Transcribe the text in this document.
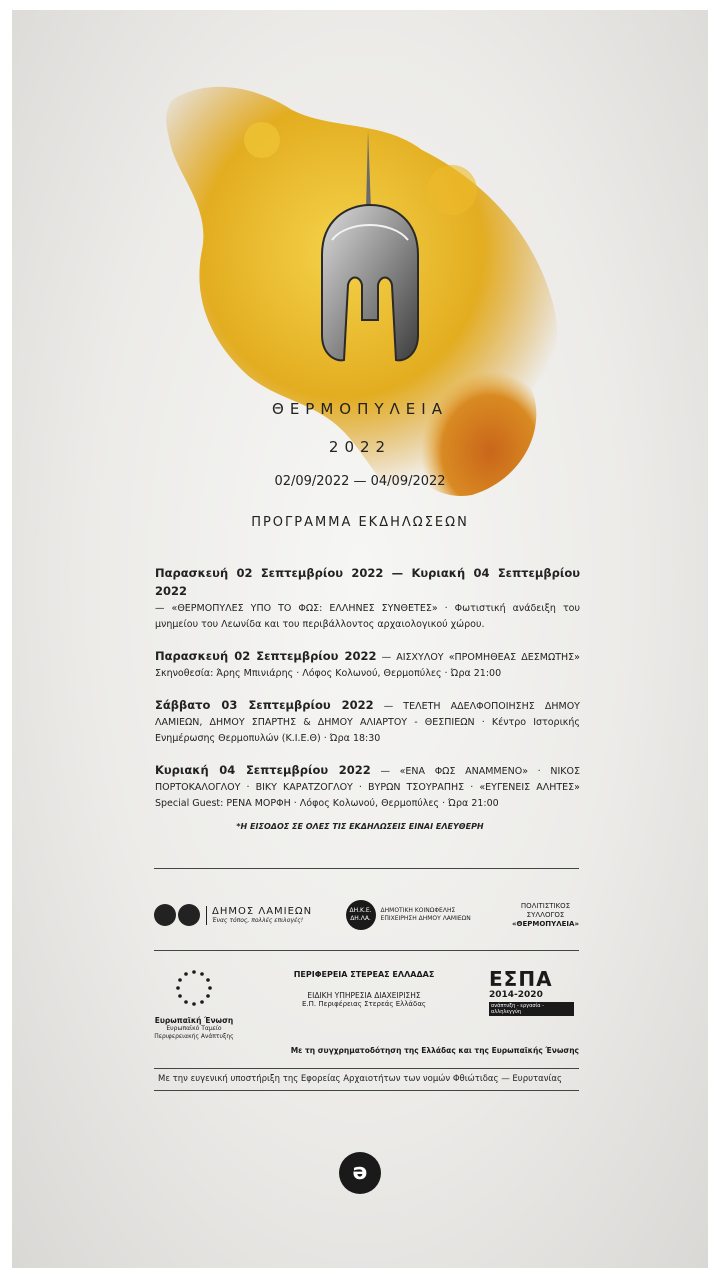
ΘΕΡΜΟΠΥΛΕΙΑ
2022
02/09/2022 — 04/09/2022
ΠΡΟΓΡΑΜΜΑ ΕΚΔΗΛΩΣΕΩΝ
Παρασκευή 02 Σεπτεμβρίου 2022 — Κυριακή 04 Σεπτεμβρίου 2022
— «ΘΕΡΜΟΠΥΛΕΣ ΥΠΟ ΤΟ ΦΩΣ: ΕΛΛΗΝΕΣ ΣΥΝΘΕΤΕΣ» · Φωτιστική ανάδειξη του μνημείου του Λεωνίδα και του περιβάλλοντος αρχαιολογικού χώρου.
Παρασκευή 02 Σεπτεμβρίου 2022 — ΑΙΣΧΥΛΟΥ «ΠΡΟΜΗΘΕΑΣ ΔΕΣΜΩΤΗΣ» Σκηνοθεσία: Άρης Μπινιάρης · Λόφος Κολωνού, Θερμοπύλες · Ώρα 21:00
Σάββατο 03 Σεπτεμβρίου 2022 — ΤΕΛΕΤΗ ΑΔΕΛΦΟΠΟΙΗΣΗΣ ΔΗΜΟΥ ΛΑΜΙΕΩΝ, ΔΗΜΟΥ ΣΠΑΡΤΗΣ & ΔΗΜΟΥ ΑΛΙΑΡΤΟΥ - ΘΕΣΠΙΕΩΝ · Κέντρο Ιστορικής Ενημέρωσης Θερμοπυλών (Κ.Ι.Ε.Θ) · Ώρα 18:30
Κυριακή 04 Σεπτεμβρίου 2022 — «ΕΝΑ ΦΩΣ ΑΝΑΜΜΕΝΟ» · ΝΙΚΟΣ ΠΟΡΤΟΚΑΛΟΓΛΟΥ · ΒΙΚΥ ΚΑΡΑΤΖΟΓΛΟΥ · ΒΥΡΩΝ ΤΣΟΥΡΑΠΗΣ · «ΕΥΓΕΝΕΙΣ ΑΛΗΤΕΣ» Special Guest: ΡΕΝΑ ΜΟΡΦΗ · Λόφος Κολωνού, Θερμοπύλες · Ώρα 21:00
*Η ΕΙΣΟΔΟΣ ΣΕ ΟΛΕΣ ΤΙΣ ΕΚΔΗΛΩΣΕΙΣ ΕΙΝΑΙ ΕΛΕΥΘΕΡΗ
ΔΗΜΟΣ ΛΑΜΙΕΩΝ
Ένας τόπος, πολλές επιλογές!
ΔΗ.Κ.Ε. ΔΗ.ΛΑ.
ΔΗΜΟΤΙΚΗ ΚΟΙΝΩΦΕΛΗΣ ΕΠΙΧΕΙΡΗΣΗ ΔΗΜΟΥ ΛΑΜΙΕΩΝ
ΠΟΛΙΤΙΣΤΙΚΟΣ
ΣΥΛΛΟΓΟΣ
«ΘΕΡΜΟΠΥΛΕΙΑ»
Ευρωπαϊκή Ένωση
Ευρωπαϊκό Ταμείο
Περιφερειακής Ανάπτυξης
ΠΕΡΙΦΕΡΕΙΑ ΣΤΕΡΕΑΣ ΕΛΛΑΔΑΣ
ΕΙΔΙΚΗ ΥΠΗΡΕΣΙΑ ΔΙΑΧΕΙΡΙΣΗΣ
Ε.Π. Περιφέρειας Στερεάς Ελλάδας
ΕΣΠΑ
2014-2020
ανάπτυξη - εργασία - αλληλεγγύη
Με τη συγχρηματοδότηση της Ελλάδας και της Ευρωπαϊκής Ένωσης
Με την ευγενική υποστήριξη της Εφορείας Αρχαιοτήτων των νομών Φθιώτιδας — Ευρυτανίας
ə
